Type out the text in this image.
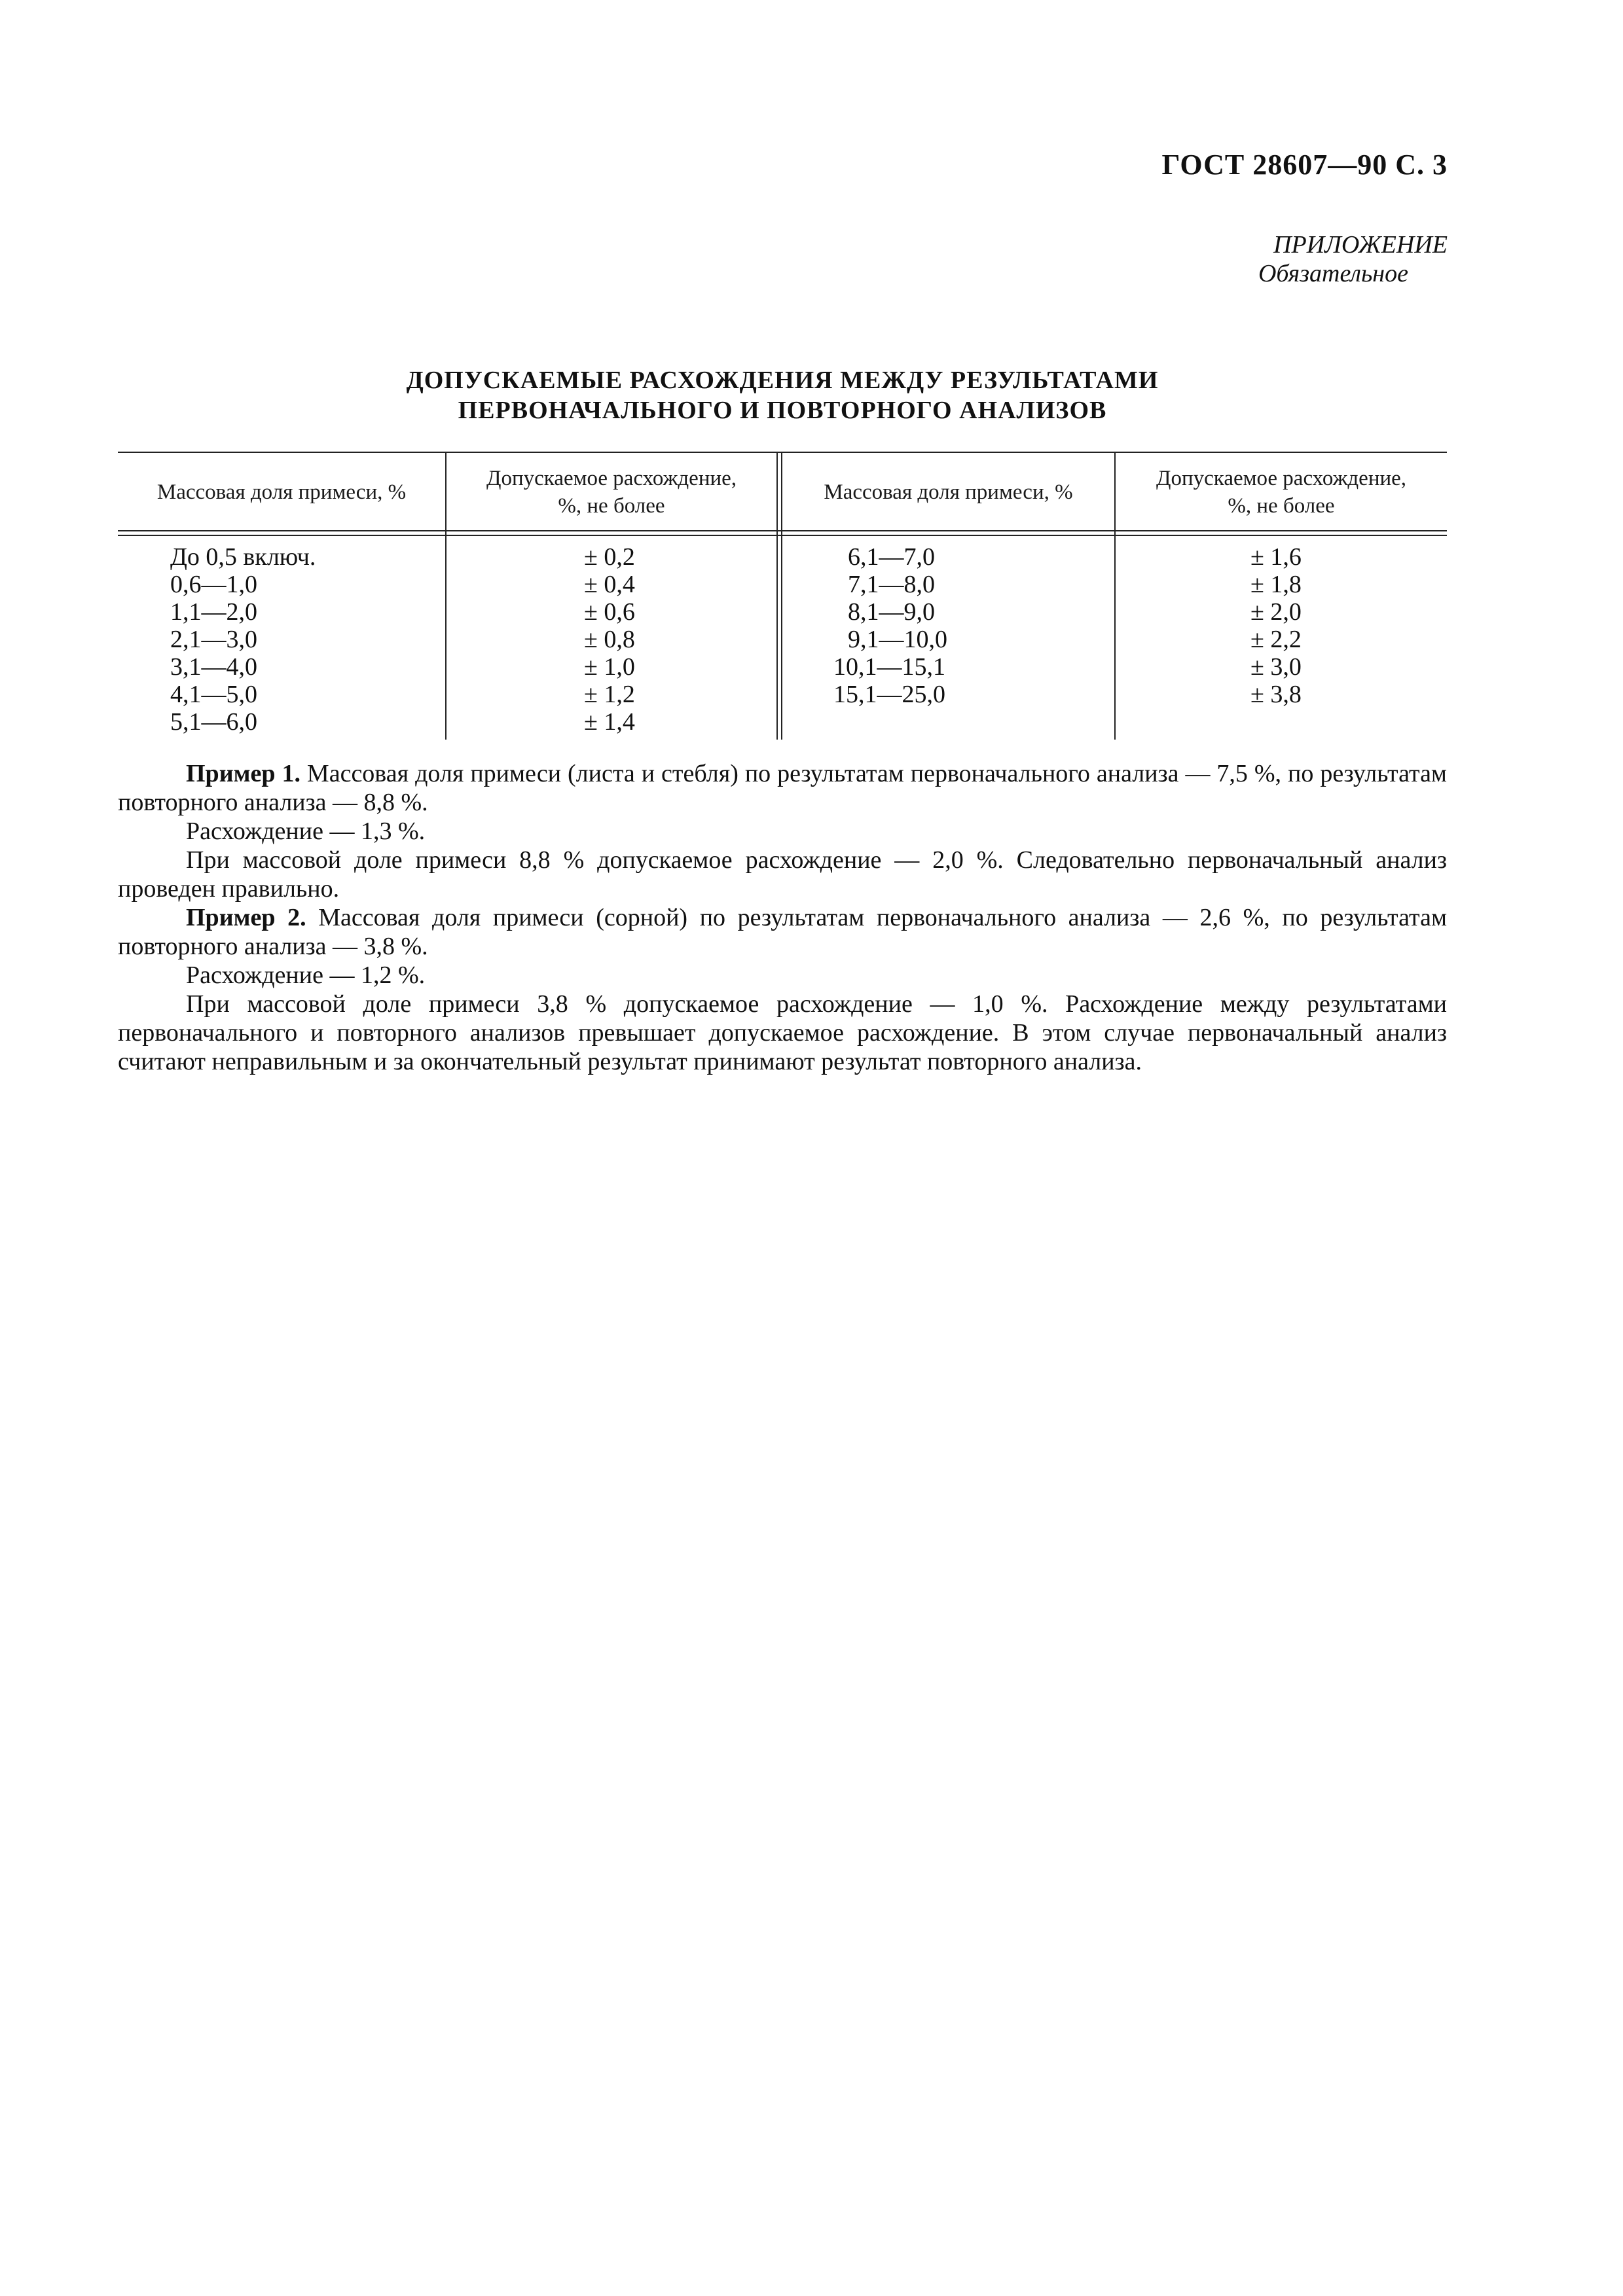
ГОСТ 28607—90 С. 3
ПРИЛОЖЕНИЕ
Обязательное
ДОПУСКАЕМЫЕ РАСХОЖДЕНИЯ МЕЖДУ РЕЗУЛЬТАТАМИ
ПЕРВОНАЧАЛЬНОГО И ПОВТОРНОГО АНАЛИЗОВ
Массовая доля примеси, %
Допускаемое расхождение,
%, не более
Массовая доля примеси, %
Допускаемое расхождение,
%, не более
До 0,5 включ.
0,6—1,0
1,1—2,0
2,1—3,0
3,1—4,0
4,1—5,0
5,1—6,0
± 0,2
± 0,4
± 0,6
± 0,8
± 1,0
± 1,2
± 1,4
6,1—7,0
7,1—8,0
8,1—9,0
9,1—10,0
10,1—15,1
15,1—25,0
± 1,6
± 1,8
± 2,0
± 2,2
± 3,0
± 3,8

Пример 1. Массовая доля примеси (листа и стебля) по результатам первоначального анализа — 7,5 %, по результатам повторного анализа — 8,8 %.

Расхождение — 1,3 %.

При массовой доле примеси 8,8 % допускаемое расхождение — 2,0 %. Следовательно первоначальный анализ проведен правильно.

Пример 2. Массовая доля примеси (сорной) по результатам первоначального анализа — 2,6 %, по результатам повторного анализа — 3,8 %.

Расхождение — 1,2 %.

При массовой доле примеси 3,8 % допускаемое расхождение — 1,0 %. Расхождение между результатами первоначального и повторного анализов превышает допускаемое расхождение. В этом случае первоначальный анализ считают неправильным и за окончательный результат принимают результат повторного анализа.
